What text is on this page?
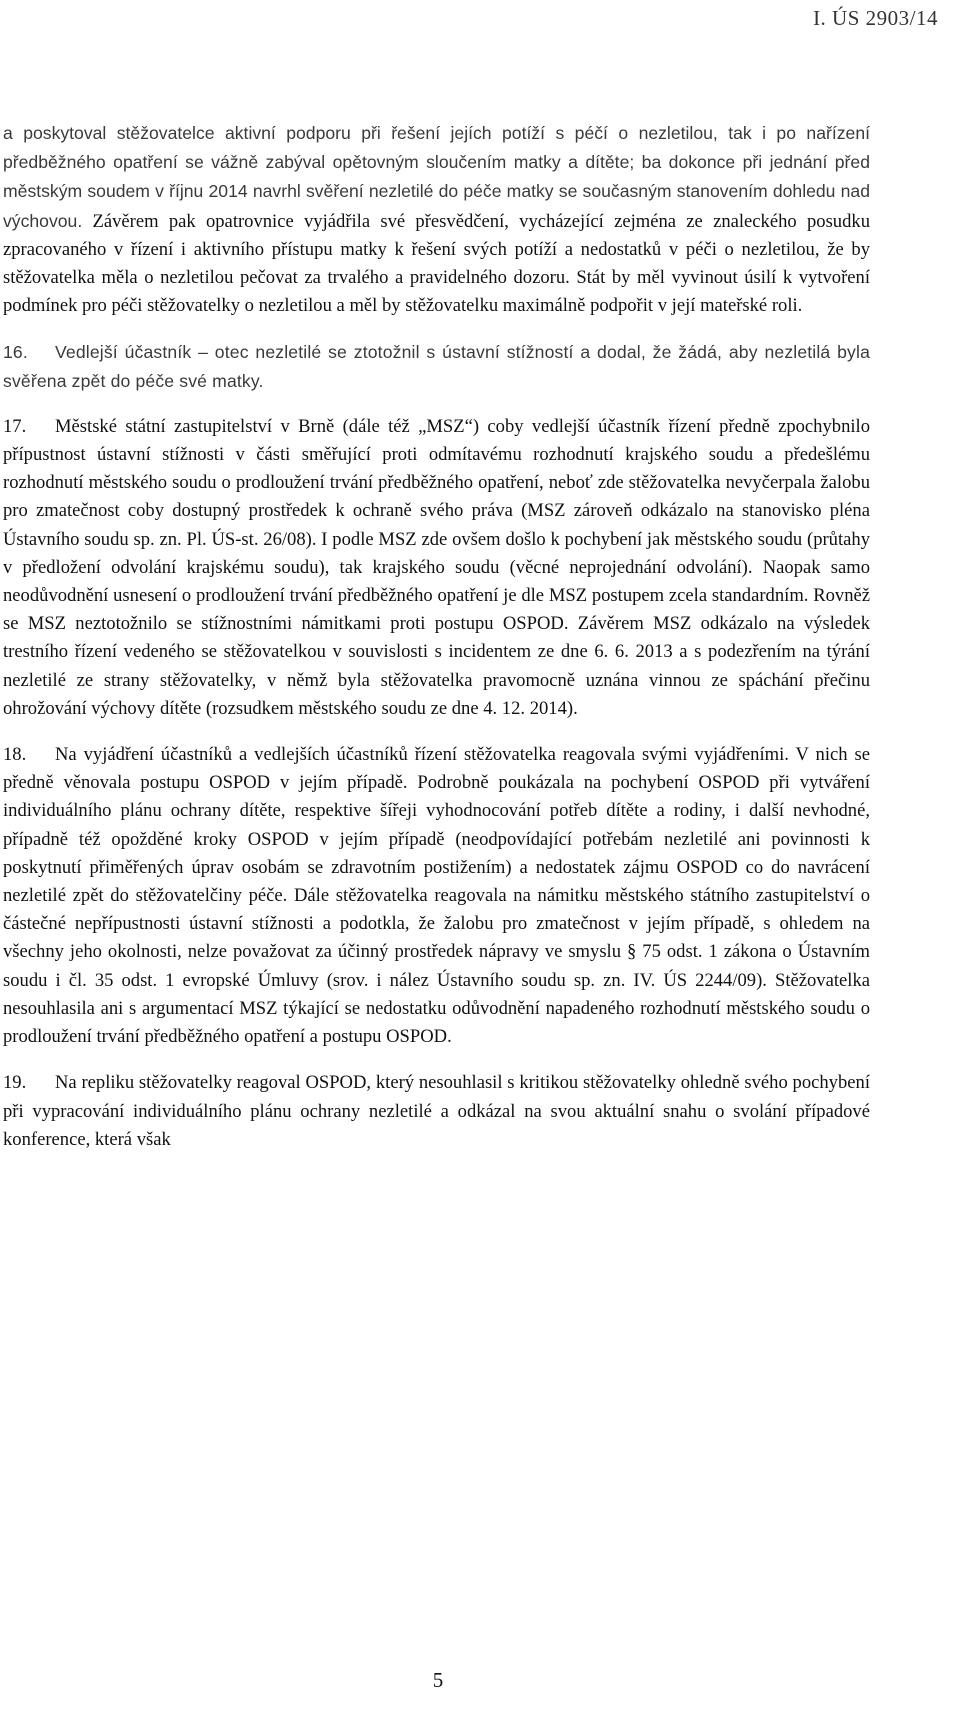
I. ÚS 2903/14

a poskytoval stěžovatelce aktivní podporu při řešení jejích potíží s péčí o nezletilou, tak i po nařízení předběžného opatření se vážně zabýval opětovným sloučením matky a dítěte; ba dokonce při jednání před městským soudem v říjnu 2014 navrhl svěření nezletilé do péče matky se současným stanovením dohledu nad výchovou. Závěrem pak opatrovnice vyjádřila své přesvědčení, vycházející zejména ze znaleckého posudku zpracovaného v řízení i aktivního přístupu matky k řešení svých potíží a nedostatků v péči o nezletilou, že by stěžovatelka měla o nezletilou pečovat za trvalého a pravidelného dozoru. Stát by měl vyvinout úsilí k vytvoření podmínek pro péči stěžovatelky o nezletilou a měl by stěžovatelku maximálně podpořit v její mateřské roli.

16. Vedlejší účastník – otec nezletilé se ztotožnil s ústavní stížností a dodal, že žádá, aby nezletilá byla svěřena zpět do péče své matky.

17. Městské státní zastupitelství v Brně (dále též „MSZ“) coby vedlejší účastník řízení předně zpochybnilo přípustnost ústavní stížnosti v části směřující proti odmítavému rozhodnutí krajského soudu a předešlému rozhodnutí městského soudu o prodloužení trvání předběžného opatření, neboť zde stěžovatelka nevyčerpala žalobu pro zmatečnost coby dostupný prostředek k ochraně svého práva (MSZ zároveň odkázalo na stanovisko pléna Ústavního soudu sp. zn. Pl. ÚS-st. 26/08). I podle MSZ zde ovšem došlo k pochybení jak městského soudu (průtahy v předložení odvolání krajskému soudu), tak krajského soudu (věcné neprojednání odvolání). Naopak samo neodůvodnění usnesení o prodloužení trvání předběžného opatření je dle MSZ postupem zcela standardním. Rovněž se MSZ neztotožnilo se stížnostními námitkami proti postupu OSPOD. Závěrem MSZ odkázalo na výsledek trestního řízení vedeného se stěžovatelkou v souvislosti s incidentem ze dne 6. 6. 2013 a s podezřením na týrání nezletilé ze strany stěžovatelky, v němž byla stěžovatelka pravomocně uznána vinnou ze spáchání přečinu ohrožování výchovy dítěte (rozsudkem městského soudu ze dne 4. 12. 2014).

18. Na vyjádření účastníků a vedlejších účastníků řízení stěžovatelka reagovala svými vyjádřeními. V nich se předně věnovala postupu OSPOD v jejím případě. Podrobně poukázala na pochybení OSPOD při vytváření individuálního plánu ochrany dítěte, respektive šířeji vyhodnocování potřeb dítěte a rodiny, i další nevhodné, případně též opožděné kroky OSPOD v jejím případě (neodpovídající potřebám nezletilé ani povinnosti k poskytnutí přiměřených úprav osobám se zdravotním postižením) a nedostatek zájmu OSPOD co do navrácení nezletilé zpět do stěžovatelčiny péče. Dále stěžovatelka reagovala na námitku městského státního zastupitelství o částečné nepřípustnosti ústavní stížnosti a podotkla, že žalobu pro zmatečnost v jejím případě, s ohledem na všechny jeho okolnosti, nelze považovat za účinný prostředek nápravy ve smyslu § 75 odst. 1 zákona o Ústavním soudu i čl. 35 odst. 1 evropské Úmluvy (srov. i nález Ústavního soudu sp. zn. IV. ÚS 2244/09). Stěžovatelka nesouhlasila ani s argumentací MSZ týkající se nedostatku odůvodnění napadeného rozhodnutí městského soudu o prodloužení trvání předběžného opatření a postupu OSPOD.

19. Na repliku stěžovatelky reagoval OSPOD, který nesouhlasil s kritikou stěžovatelky ohledně svého pochybení při vypracování individuálního plánu ochrany nezletilé a odkázal na svou aktuální snahu o svolání případové konference, která však

5
